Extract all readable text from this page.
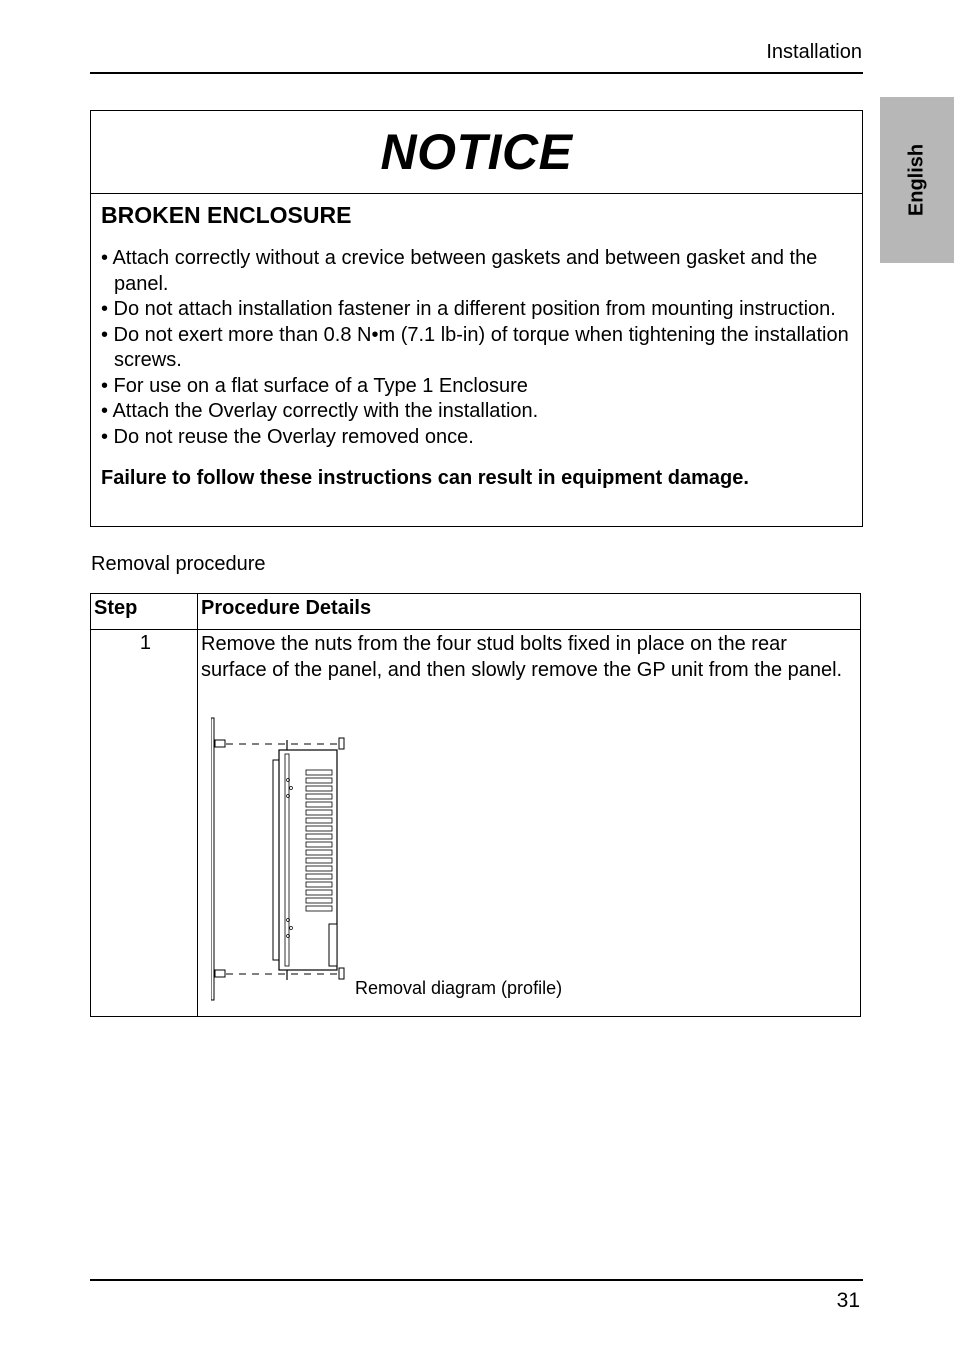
Installation
English
NOTICE
BROKEN ENCLOSURE
• Attach correctly without a crevice between gaskets and between gasket and the panel.
• Do not attach installation fastener in a different position from mounting instruction.
• Do not exert more than 0.8 N•m (7.1 lb-in) of torque when tightening the installation screws.
• For use on a flat surface of a Type 1 Enclosure
• Attach the Overlay correctly with the installation.
• Do not reuse the Overlay removed once.
Failure to follow these instructions can result in equipment damage.
Removal procedure
Step	Procedure Details
1	Remove the nuts from the four stud bolts fixed in place on the rear surface of the panel, and then slowly remove the GP unit from the panel.
Removal diagram (profile)
31
